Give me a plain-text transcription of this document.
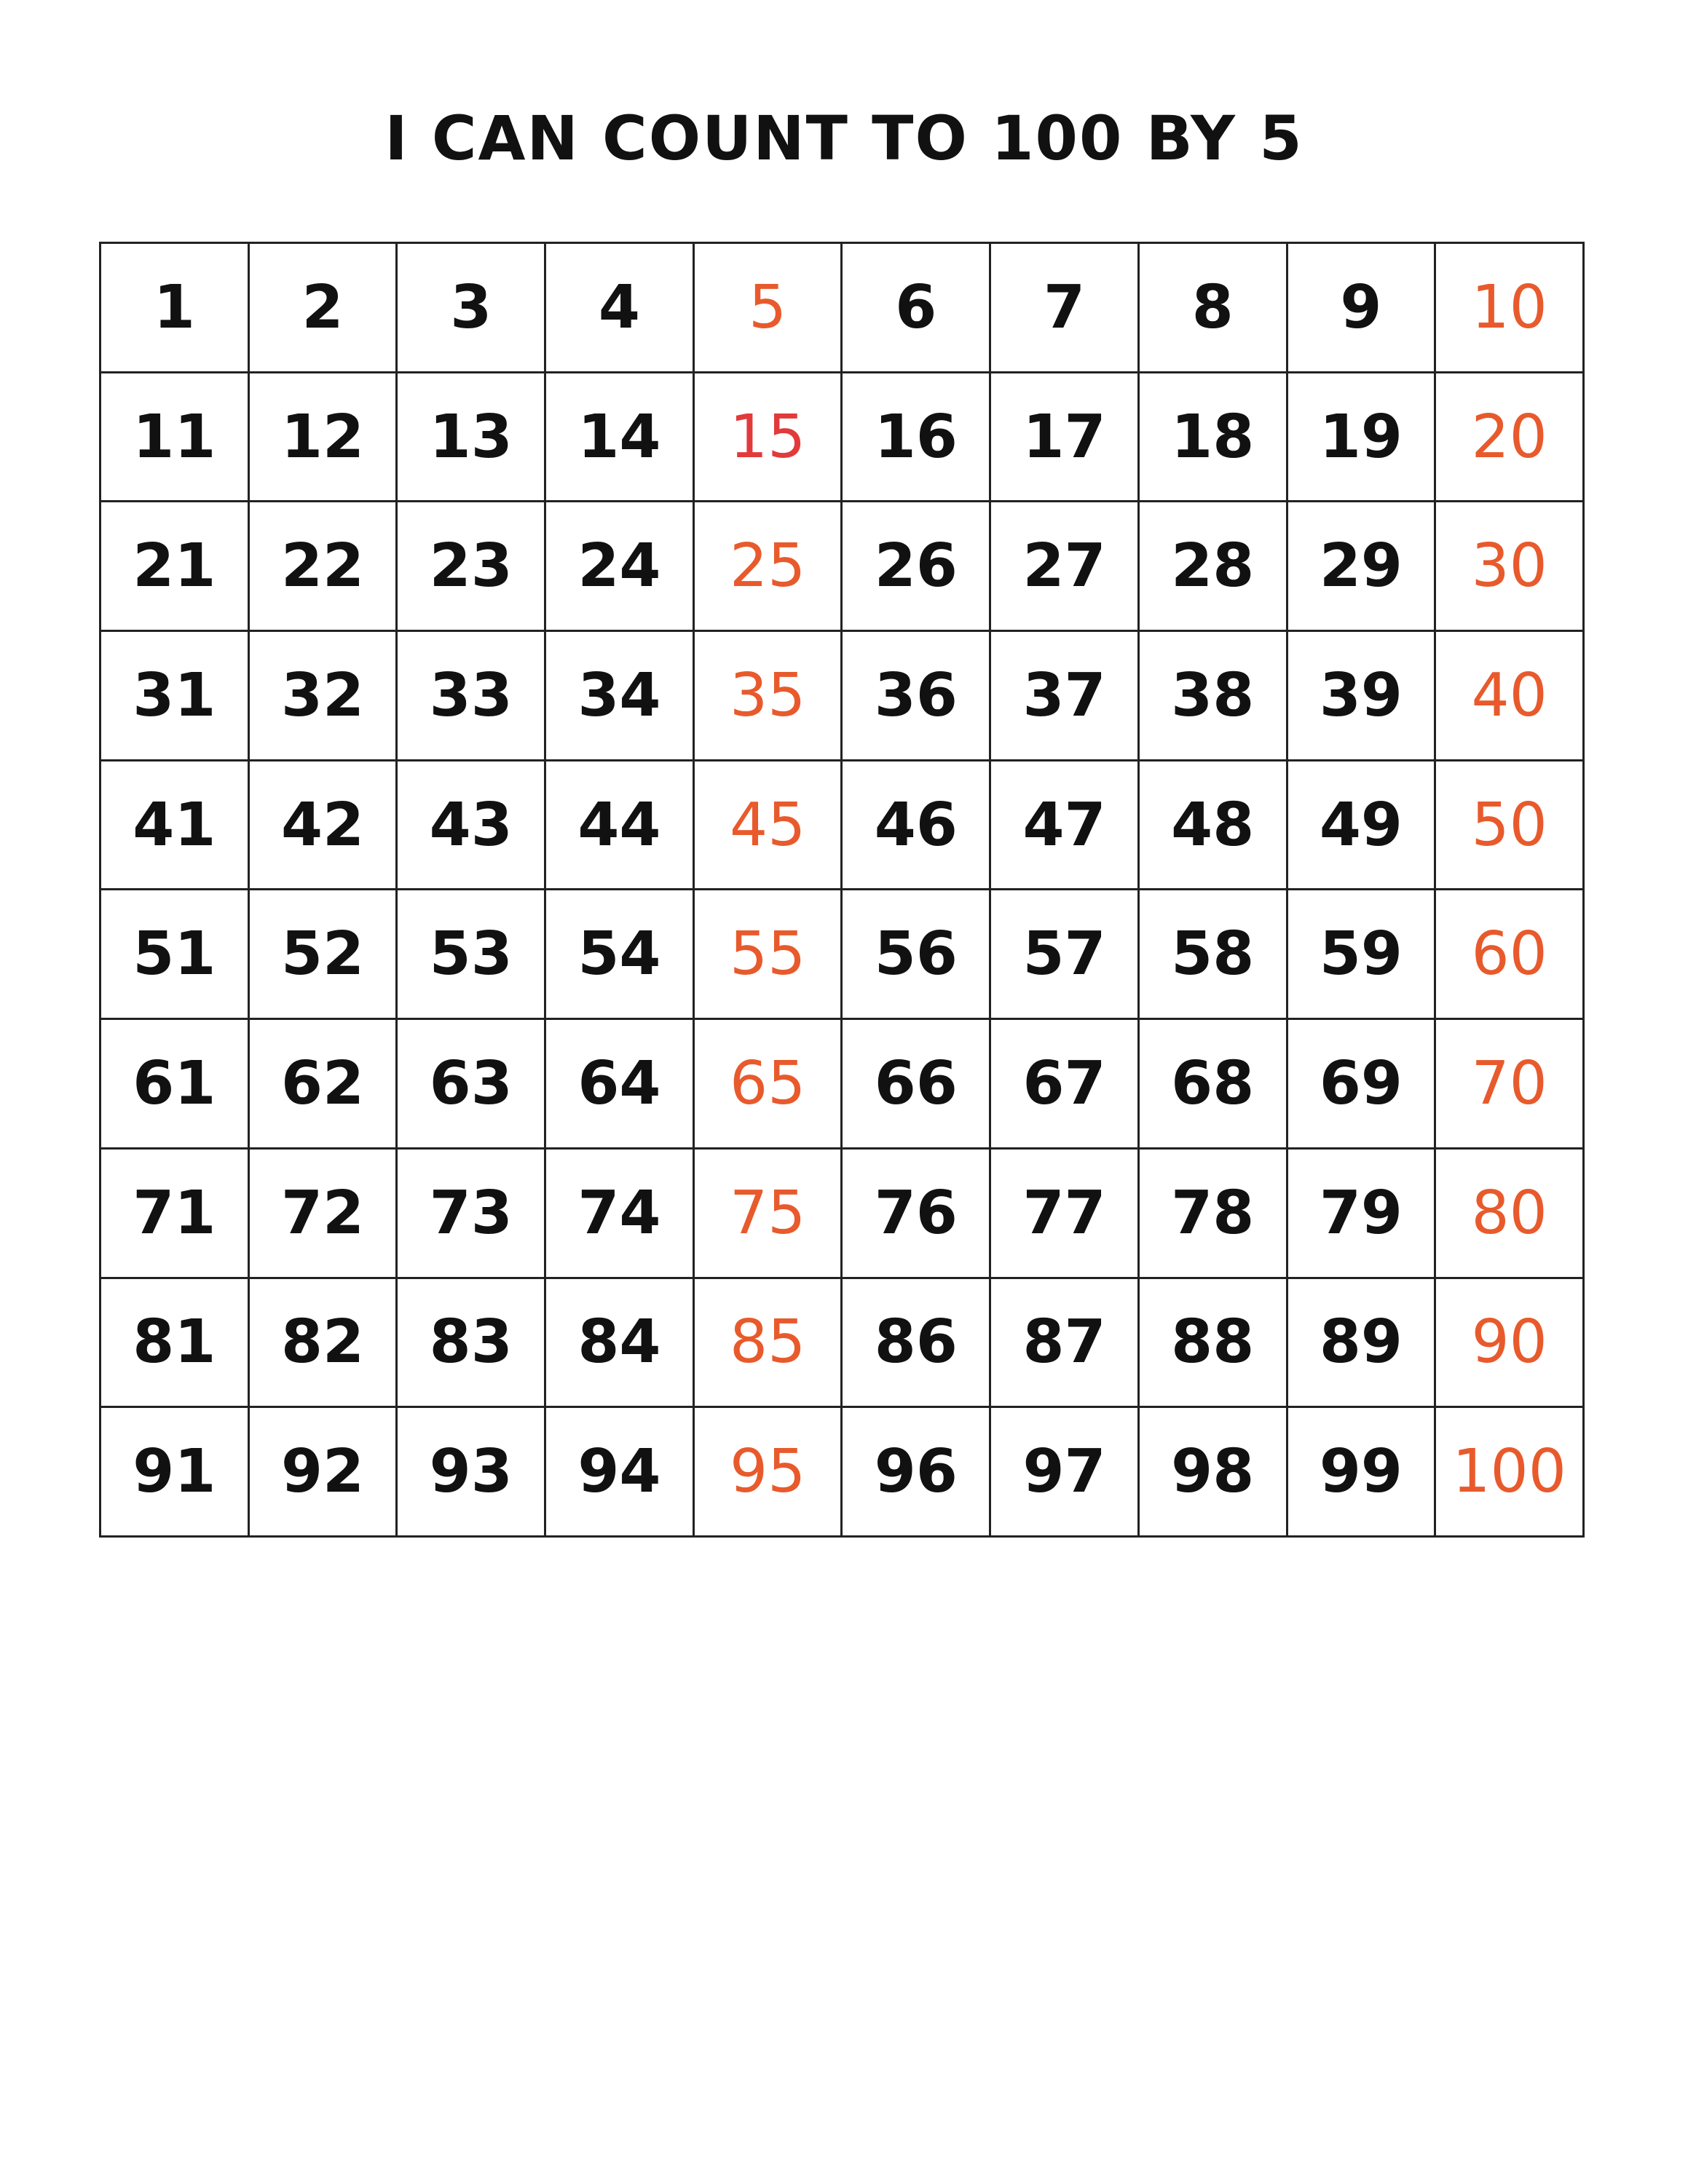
I CAN COUNT TO 100 BY 5
1	2	3	4	5	6	7	8	9	10
11	12	13	14	15	16	17	18	19	20
21	22	23	24	25	26	27	28	29	30
31	32	33	34	35	36	37	38	39	40
41	42	43	44	45	46	47	48	49	50
51	52	53	54	55	56	57	58	59	60
61	62	63	64	65	66	67	68	69	70
71	72	73	74	75	76	77	78	79	80
81	82	83	84	85	86	87	88	89	90
91	92	93	94	95	96	97	98	99 100
